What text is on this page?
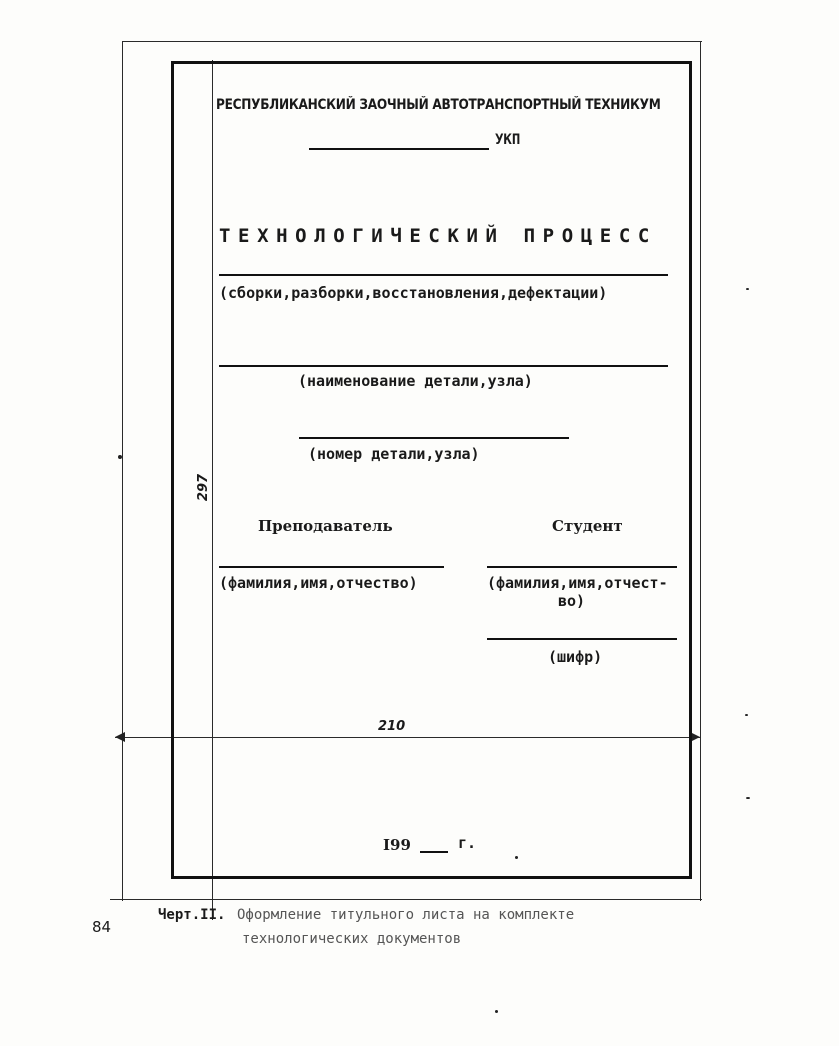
297
210
РЕСПУБЛИКАНСКИЙ ЗАОЧНЫЙ АВТОТРАНСПОРТНЫЙ ТЕХНИКУМ
УКП
ТЕХНОЛОГИЧЕСКИЙ ПРОЦЕСС
(сборки,разборки,восстановления,дефектации)
(наименование детали,узла)
(номер детали,узла)
Преподаватель	Студент
(фамилия,имя,отчество)	(фамилия,имя,отчест-
во)
(шифр)
I99	г.
84
Черт.II. Оформление титульного листа на комплекте
технологических документов
